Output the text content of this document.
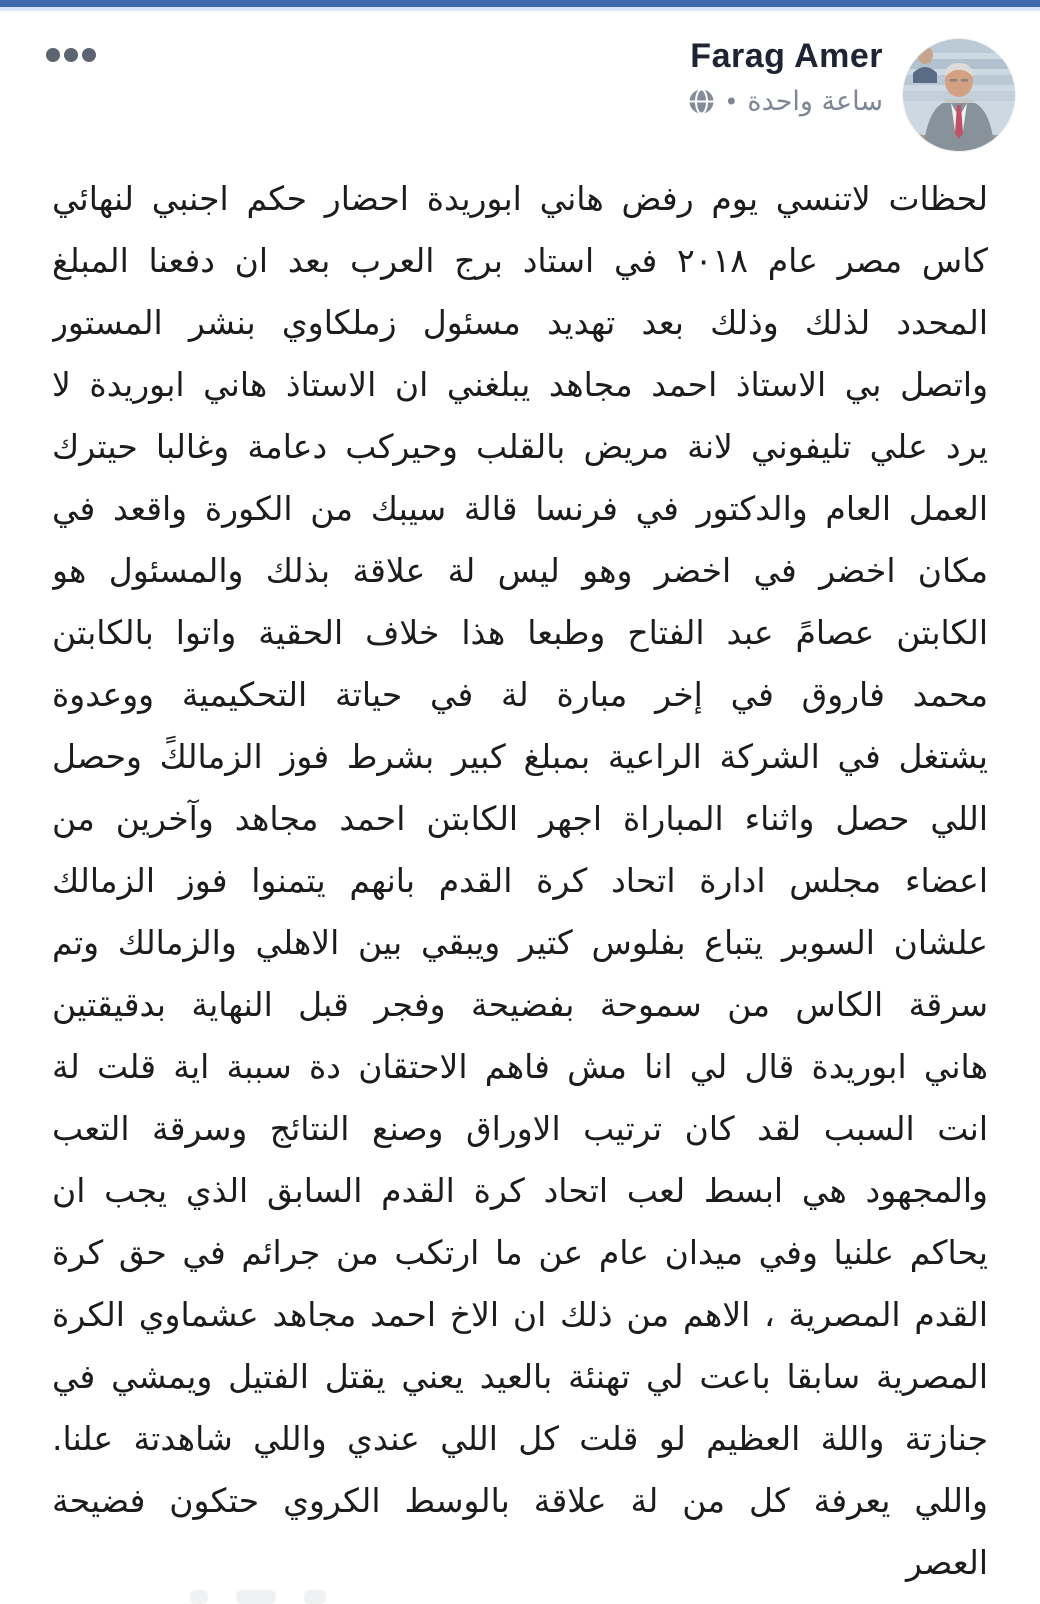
Farag Amer
ساعة واحدة
•
لحظات لاتنسي يوم رفض هاني ابوريدة احضار حكم اجنبي لنهائي
كاس مصر عام ٢٠١٨ في استاد برج العرب بعد ان دفعنا المبلغ
المحدد لذلك وذلك بعد تهديد مسئول زملكاوي بنشر المستور
واتصل بي الاستاذ احمد مجاهد يبلغني ان الاستاذ هاني ابوريدة لا
يرد علي تليفوني لانة مريض بالقلب وحيركب دعامة وغالبا حيترك
العمل العام والدكتور في فرنسا قالة سيبك من الكورة واقعد في
مكان اخضر في اخضر وهو ليس لة علاقة بذلك والمسئول هو
الكابتن عصامً عبد الفتاح وطبعا هذا خلاف الحقية واتوا بالكابتن
محمد فاروق في إخر مبارة لة في حياتة التحكيمية ووعدوة
يشتغل في الشركة الراعية بمبلغ كبير بشرط فوز الزمالكً وحصل
اللي حصل واثناء المباراة اجهر الكابتن احمد مجاهد وآخرين من
اعضاء مجلس ادارة اتحاد كرة القدم بانهم يتمنوا فوز الزمالك
علشان السوبر يتباع بفلوس كتير ويبقي بين الاهلي والزمالك وتم
سرقة الكاس من سموحة بفضيحة وفجر قبل النهاية بدقيقتين
هاني ابوريدة قال لي انا مش فاهم الاحتقان دة سببة اية قلت لة
انت السبب لقد كان ترتيب الاوراق وصنع النتائج وسرقة التعب
والمجهود هي ابسط لعب اتحاد كرة القدم السابق الذي يجب ان
يحاكم علنيا وفي ميدان عام عن ما ارتكب من جرائم في حق كرة
القدم المصرية ، الاهم من ذلك ان الاخ احمد مجاهد عشماوي الكرة
المصرية سابقا باعت لي تهنئة بالعيد يعني يقتل الفتيل ويمشي في
جنازتة واللة العظيم لو قلت كل اللي عندي واللي شاهدتة علنا.
واللي يعرفة كل من لة علاقة بالوسط الكروي حتكون فضيحة
العصر
